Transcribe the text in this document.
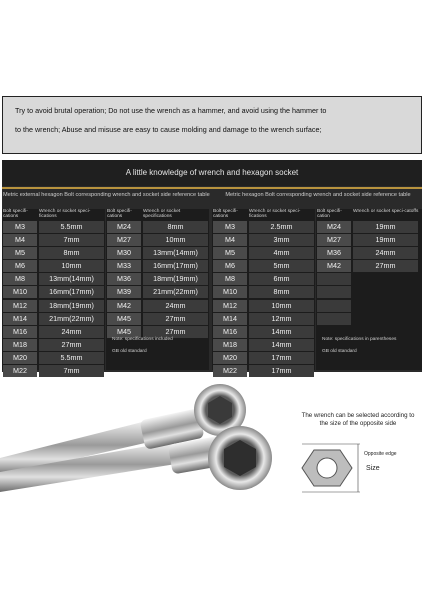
Try to avoid brutal operation; Do not use the wrench as a hammer, and avoid using the hammer to
to the wrench; Abuse and misuse are easy to cause molding and damage to the wrench surface;
A little knowledge of wrench and hexagon socket
Metric external hexagon Bolt corresponding wrench and socket side reference table	Metric hexagon Bolt corresponding wrench and socket side reference table
Bolt specifi-cations
Wrench or socket speci-fications
M3	5.5mm
M4	7mm
M5	8mm
M6	10mm
M8	13mm(14mm)
M10	16mm(17mm)
M12	18mm(19mm)
M14	21mm(22mm)
M16	24mm
M18	27mm
M20	5.5mm
M22	7mm
Bolt specifi-cations
Wrench or socket specifications
M24	8mm
M27	10mm
M30	13mm(14mm)
M33	16mm(17mm)
M36	18mm(19mm)
M39	21mm(22mm)
M42	24mm
M45	27mm
M45	27mm
Note: specifications included
GB old standard
Bolt specifi-cations
Wrench or socket speci-fications
M3	2.5mm
M4	3mm
M5	4mm
M6	5mm
M8	6mm
M10	8mm
M12	10mm
M14	12mm
M16	14mm
M18	14mm
M20	17mm
M22	17mm
Bolt specifi-cation
Wrench or socket speci-catoffs
M24	19mm
M27	19mm
M36	24mm
M42	27mm
Note: specifications in parentheses
GB old standard
The wrench can be selected according to the size of the opposite side
Opposite edge
Size
